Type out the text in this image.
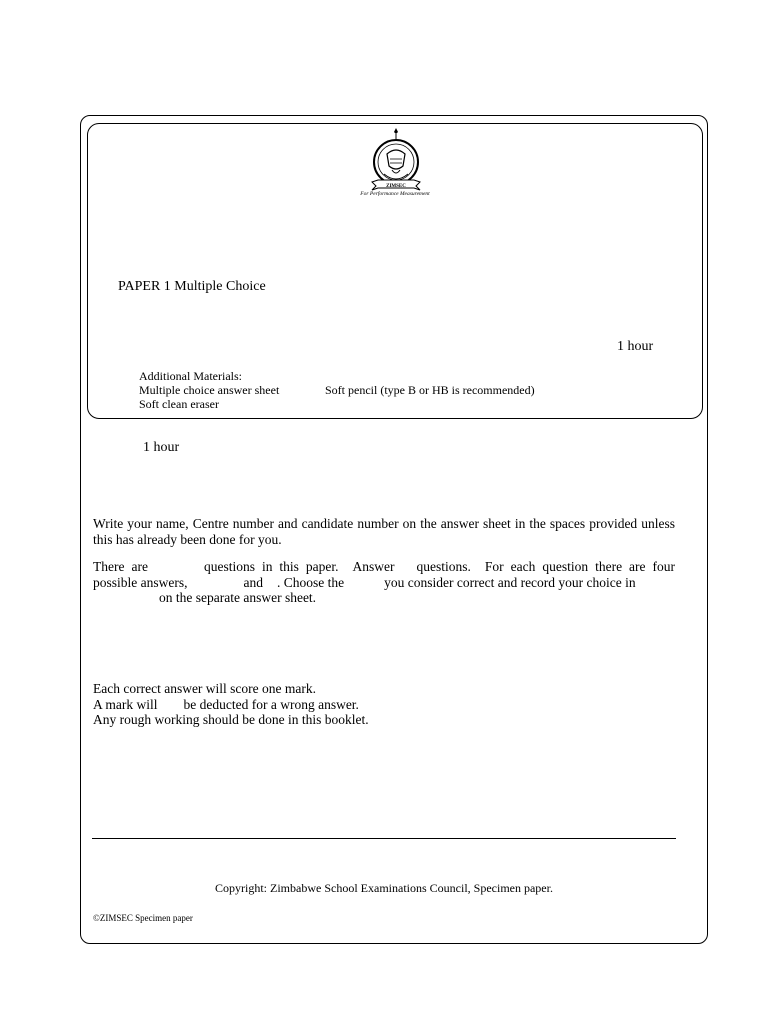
ZIMSEC
For Performance Measurement
PAPER 1 Multiple Choice
1 hour
Additional Materials:
Multiple choice answer sheet
Soft clean eraser
Soft pencil (type B or HB is recommended)
1 hour
Write your name, Centre number and candidate number on the answer sheet in the spaces provided unless this has already been done for you.
There are	questions in this paper. Answer questions. For each question there are four possible answers,	and . Choose the	you consider correct and record your choice in
on the separate answer sheet.
Each correct answer will score one mark.
A mark will be deducted for a wrong answer.
Any rough working should be done in this booklet.
Copyright: Zimbabwe School Examinations Council, Specimen paper.
©ZIMSEC Specimen paper
